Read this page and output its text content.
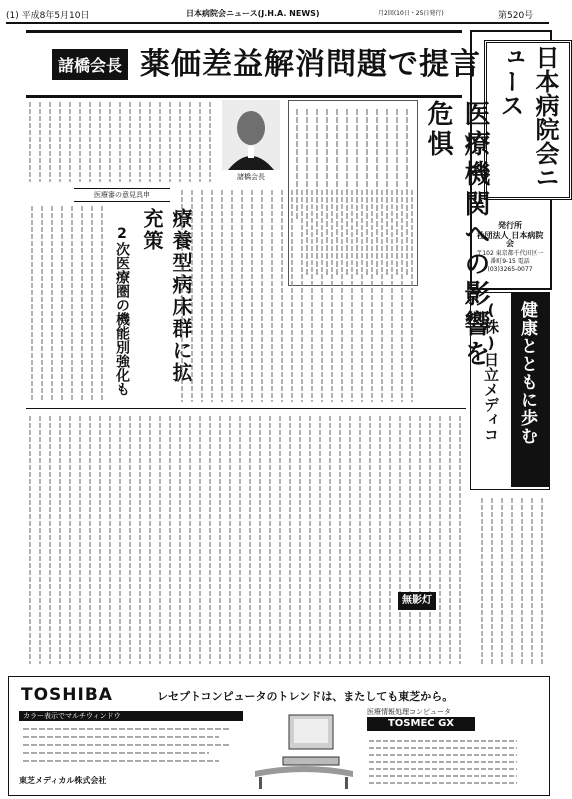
(1) 平成8年5月10日	日本病院会ニュース(J.H.A. NEWS)	月2回(10日・25日発行)	第520号
諸橋会長 薬価差益解消問題で提言	日本病院会ニュース
発行所
社団法人 日本病院会
〒102 東京都千代田区一番町9-15 電話(03)3265-0077
諸橋会長	医療機関への影響を危惧
医療審の意見具申
療養型病床群に拡充策
2次医療圏の機能別強化も	健康とともに歩む
(株)日立メディコ
無影灯
TOSHIBA	レセプトコンピュータのトレンドは、またしても東芝から。
カラー表示でマルチウィンドウ
東芝メディカル株式会社
医療情報処理コンピュータ
TOSMEC GX
